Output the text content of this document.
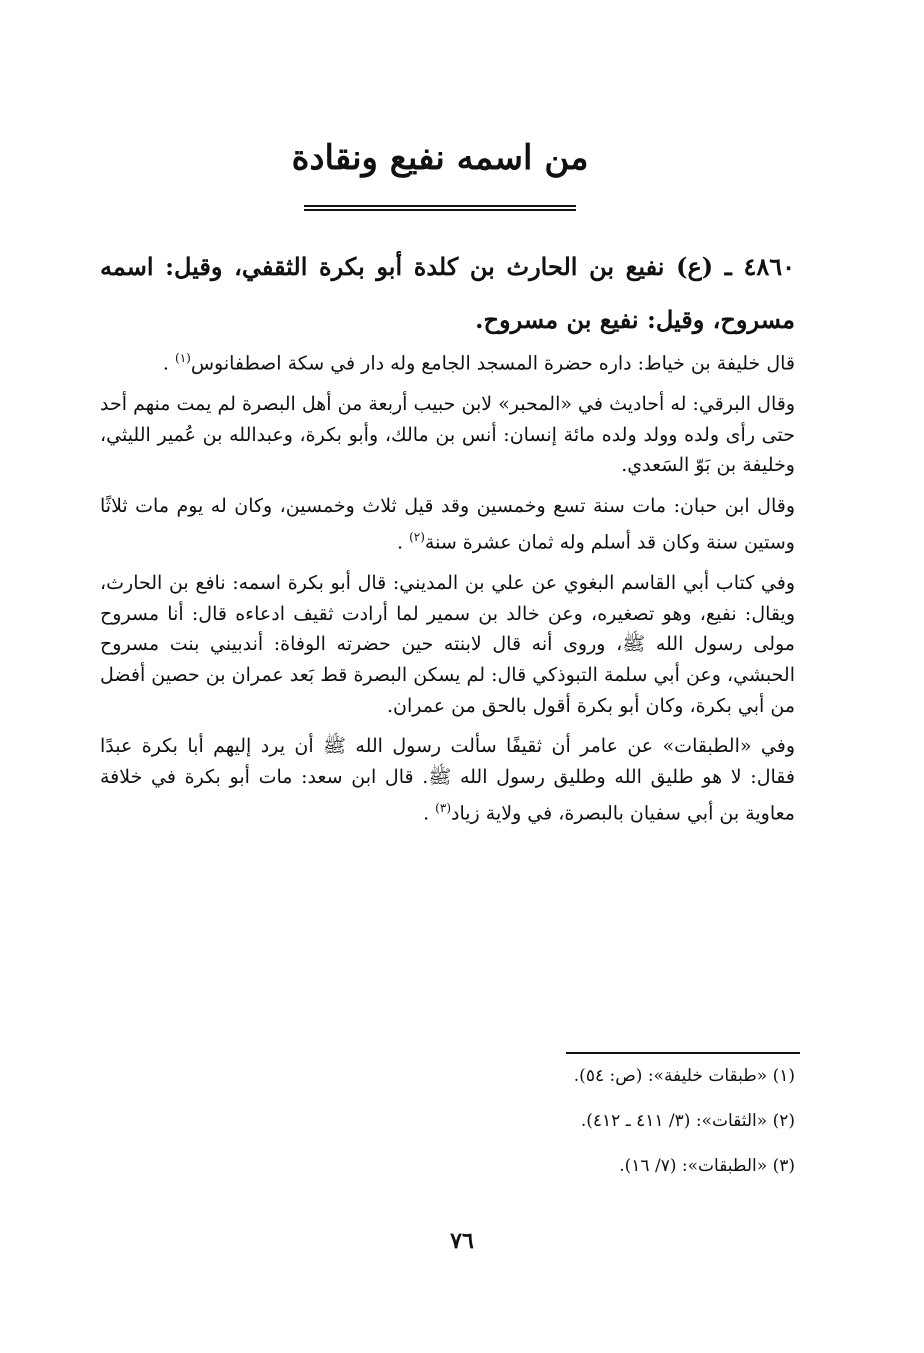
من اسمه نفيع ونقادة
٤٨٦٠ ـ (ع) نفيع بن الحارث بن كلدة أبو بكرة الثقفي، وقيل: اسمه مسروح، وقيل: نفيع بن مسروح.

قال خليفة بن خياط: داره حضرة المسجد الجامع وله دار في سكة اصطفانوس$^{(١)}$ .

وقال البرقي: له أحاديث في «المحبر» لابن حبيب أربعة من أهل البصرة لم يمت منهم أحد حتى رأى ولده وولد ولده مائة إنسان: أنس بن مالك، وأبو بكرة، وعبدالله بن عُمير الليثي، وخليفة بن بَوّ السَعدي.

وقال ابن حبان: مات سنة تسع وخمسين وقد قيل ثلاث وخمسين، وكان له يوم مات ثلاثًا وستين سنة وكان قد أسلم وله ثمان عشرة سنة$^{(٢)}$ .

وفي كتاب أبي القاسم البغوي عن علي بن المديني: قال أبو بكرة اسمه: نافع بن الحارث، ويقال: نفيع، وهو تصغيره، وعن خالد بن سمير لما أرادت ثقيف ادعاءه قال: أنا مسروح مولى رسول الله ﷺ، وروى أنه قال لابنته حين حضرته الوفاة: أندبيني بنت مسروح الحبشي، وعن أبي سلمة التبوذكي قال: لم يسكن البصرة قط بَعد عمران بن حصين أفضل من أبي بكرة، وكان أبو بكرة أقول بالحق من عمران.

وفي «الطبقات» عن عامر أن ثقيفًا سألت رسول الله ﷺ أن يرد إليهم أبا بكرة عبدًا فقال: لا هو طليق الله وطليق رسول الله ﷺ. قال ابن سعد: مات أبو بكرة في خلافة معاوية بن أبي سفيان بالبصرة، في ولاية زياد$^{(٣)}$ .

(١) «طبقات خليفة»: (ص: ٥٤).
(٢) «الثقات»: (٣/ ٤١١ ـ ٤١٢).
(٣) «الطبقات»: (٧/ ١٦).
٧٦
